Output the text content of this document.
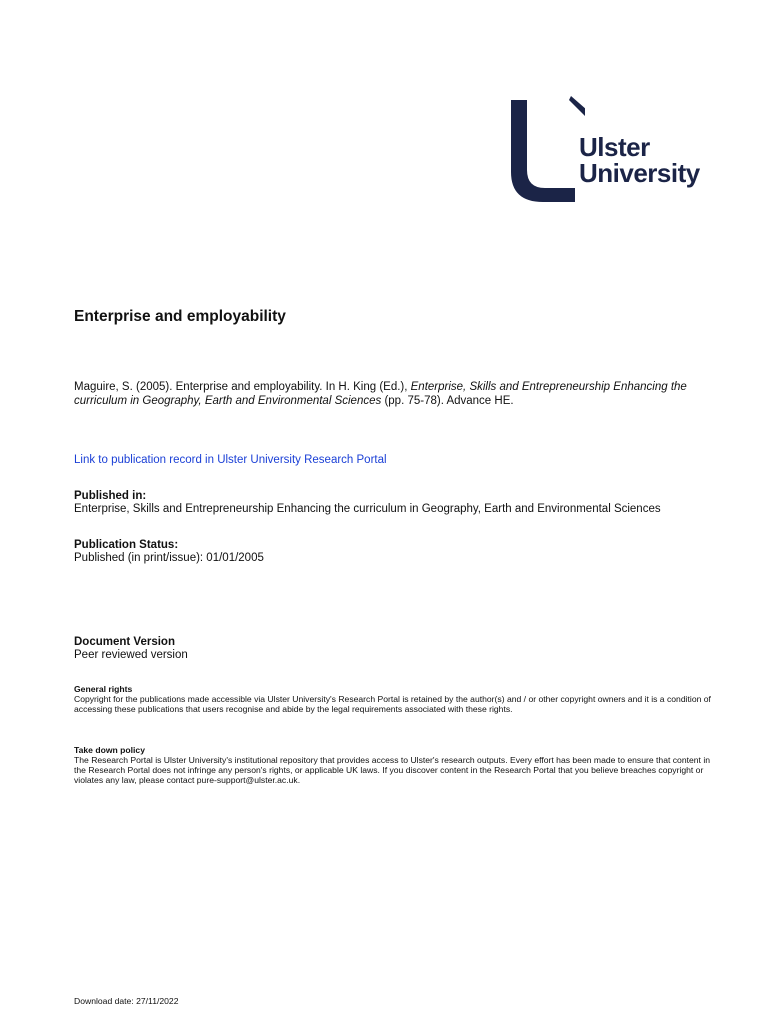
Ulster
University
Enterprise and employability
Maguire, S. (2005). Enterprise and employability. In H. King (Ed.), Enterprise, Skills and Entrepreneurship Enhancing the curriculum in Geography, Earth and Environmental Sciences (pp. 75-78). Advance HE.
Link to publication record in Ulster University Research Portal
Published in:
Enterprise, Skills and Entrepreneurship Enhancing the curriculum in Geography, Earth and Environmental Sciences
Publication Status:
Published (in print/issue): 01/01/2005
Document Version
Peer reviewed version
General rights
Copyright for the publications made accessible via Ulster University's Research Portal is retained by the author(s) and / or other copyright owners and it is a condition of accessing these publications that users recognise and abide by the legal requirements associated with these rights.
Take down policy
The Research Portal is Ulster University's institutional repository that provides access to Ulster's research outputs. Every effort has been made to ensure that content in the Research Portal does not infringe any person's rights, or applicable UK laws. If you discover content in the Research Portal that you believe breaches copyright or violates any law, please contact pure-support@ulster.ac.uk.
Download date: 27/11/2022
